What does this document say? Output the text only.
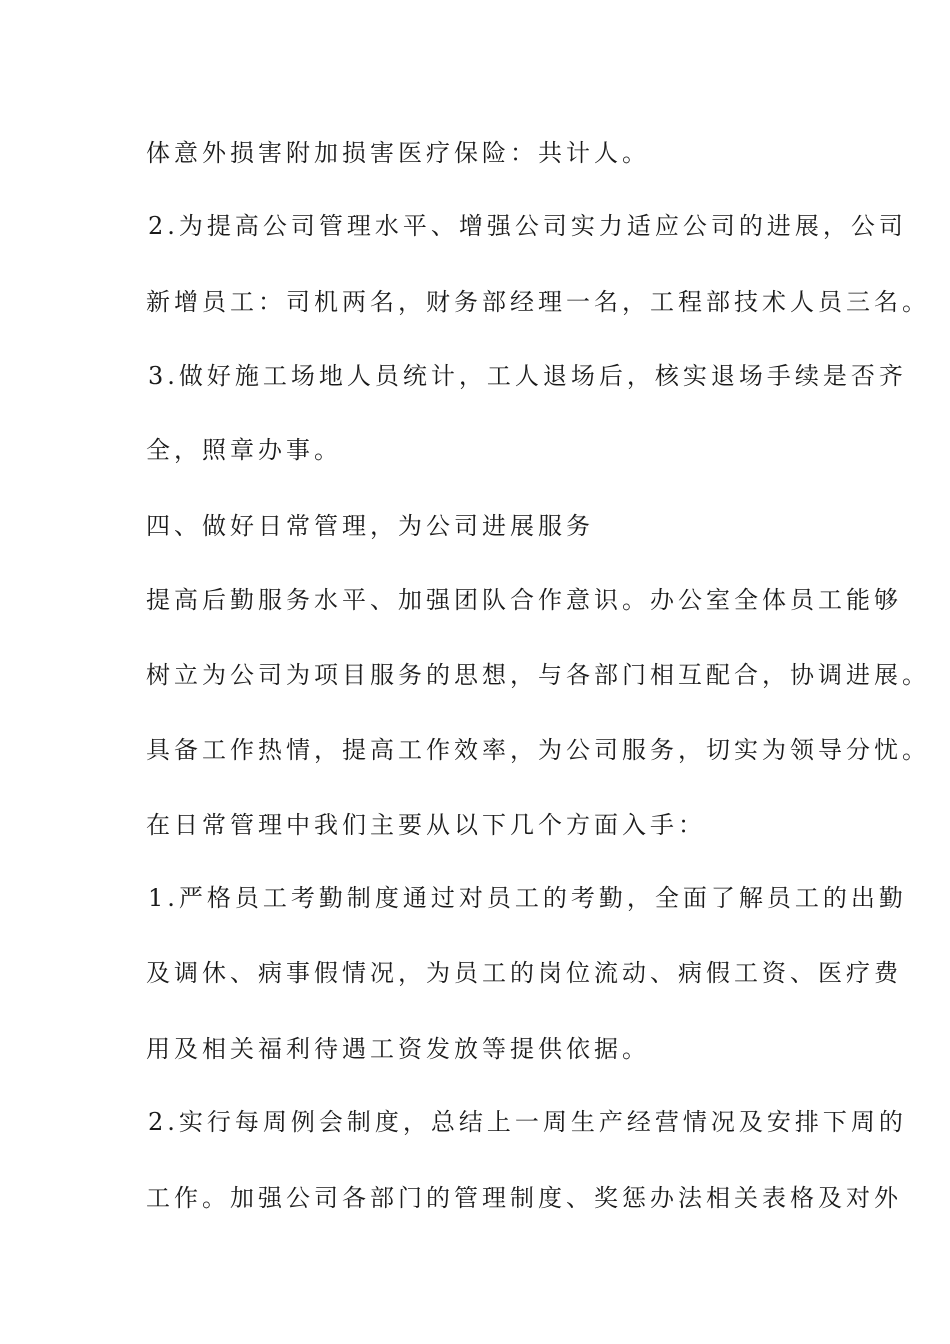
体意外损害附加损害医疗保险：共计人。

2.为提高公司管理水平、增强公司实力适应公司的进展，公司

新增员工：司机两名，财务部经理一名，工程部技术人员三名。

3.做好施工场地人员统计，工人退场后，核实退场手续是否齐

全，照章办事。

四、做好日常管理，为公司进展服务

提高后勤服务水平、加强团队合作意识。办公室全体员工能够

树立为公司为项目服务的思想，与各部门相互配合，协调进展。

具备工作热情，提高工作效率，为公司服务，切实为领导分忧。

在日常管理中我们主要从以下几个方面入手：

1.严格员工考勤制度通过对员工的考勤，全面了解员工的出勤

及调休、病事假情况，为员工的岗位流动、病假工资、医疗费

用及相关福利待遇工资发放等提供依据。

2.实行每周例会制度，总结上一周生产经营情况及安排下周的

工作。加强公司各部门的管理制度、奖惩办法相关表格及对外
